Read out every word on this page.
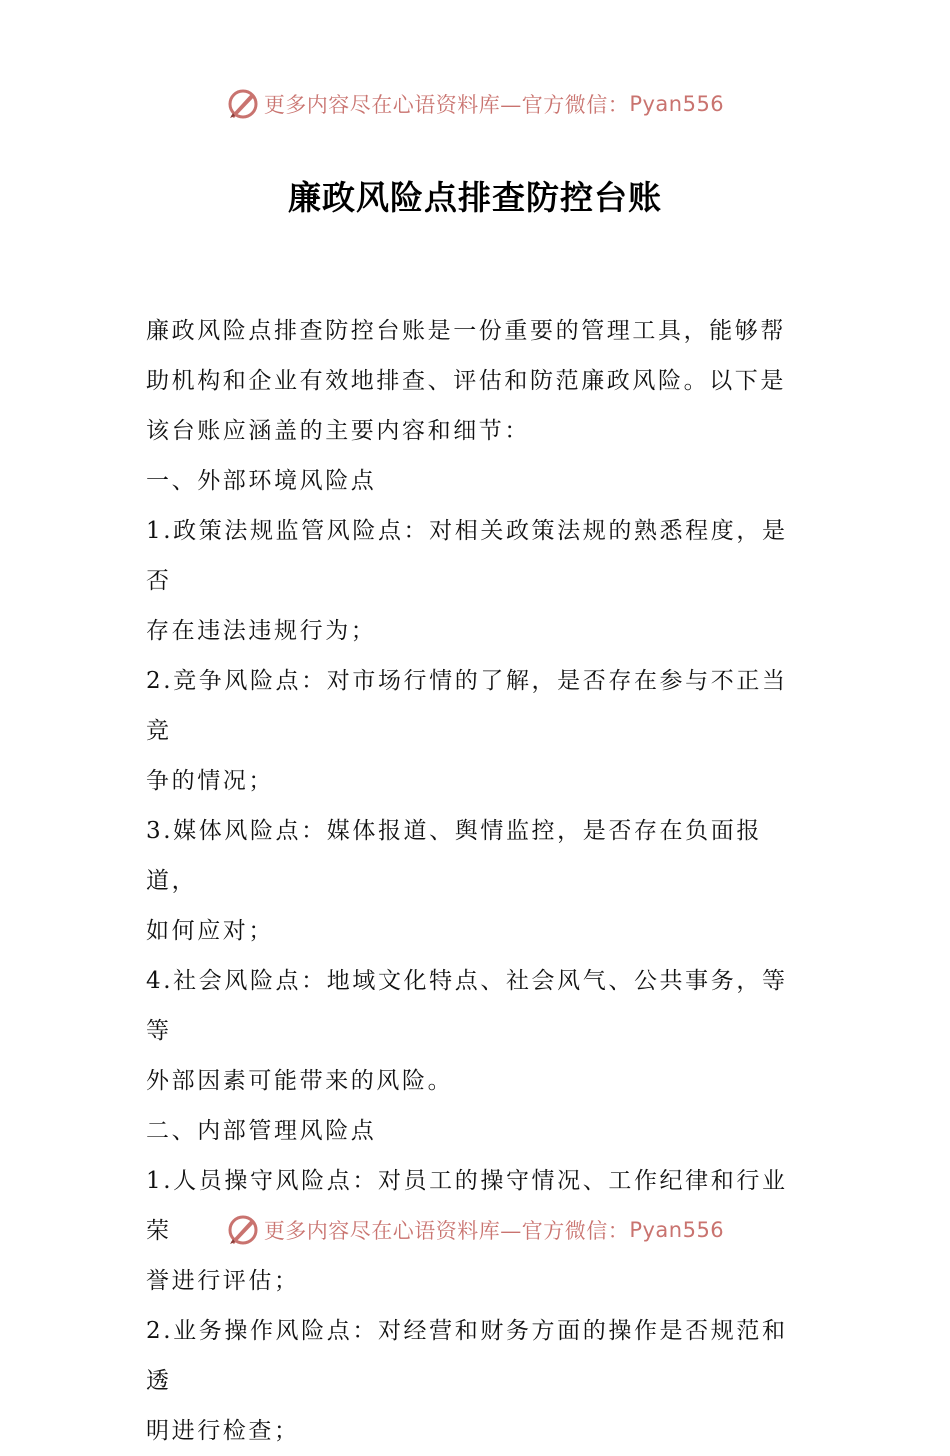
更多内容尽在心语资料库—官方微信： Pyan556
廉政风险点排查防控台账

廉政风险点排查防控台账是一份重要的管理工具，能够帮

助机构和企业有效地排查、评估和防范廉政风险。以下是

该台账应涵盖的主要内容和细节：

一、外部环境风险点

1.政策法规监管风险点：对相关政策法规的熟悉程度，是否

存在违法违规行为；

2.竞争风险点：对市场行情的了解，是否存在参与不正当竞

争的情况；

3.媒体风险点：媒体报道、舆情监控，是否存在负面报道，

如何应对；

4.社会风险点：地域文化特点、社会风气、公共事务，等等

外部因素可能带来的风险。

二、内部管理风险点

1.人员操守风险点：对员工的操守情况、工作纪律和行业荣

誉进行评估；

2.业务操作风险点：对经营和财务方面的操作是否规范和透

明进行检查；

更多内容尽在心语资料库—官方微信： Pyan556
